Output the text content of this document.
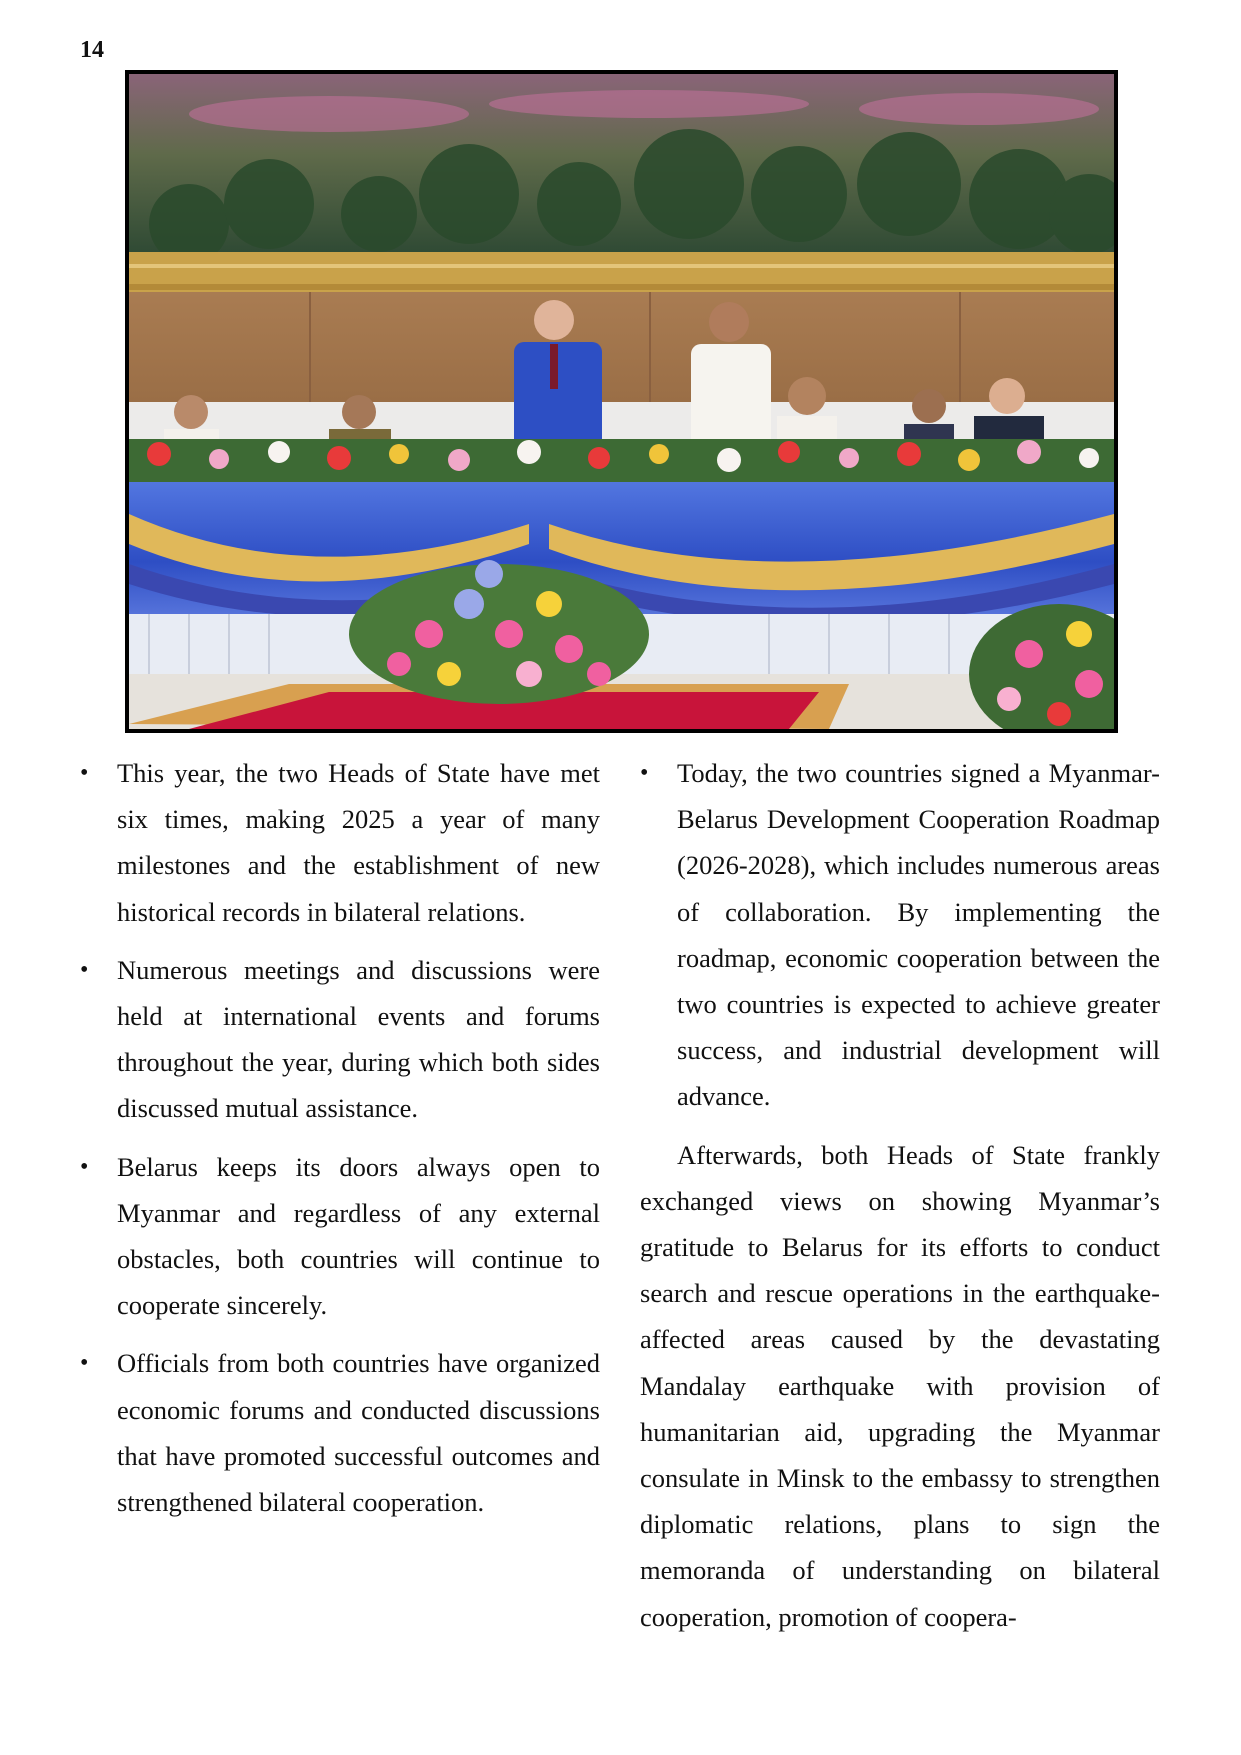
14

• This year, the two Heads of State have met six times, making 2025 a year of many milestones and the establishment of new historical records in bilateral relations.

• Numerous meetings and discussions were held at international events and forums throughout the year, during which both sides discussed mutual assistance.

• Belarus keeps its doors always open to Myanmar and regardless of any external obstacles, both countries will continue to cooperate sincerely.

• Officials from both countries have organized economic forums and conducted discussions that have promoted successful outcomes and strengthened bilateral cooperation.

• Today, the two countries signed a Myanmar-Belarus Development Cooperation Roadmap (2026-2028), which includes numerous areas of collaboration. By implementing the roadmap, economic cooperation between the two countries is expected to achieve greater success, and industrial development will advance.

Afterwards, both Heads of State frankly exchanged views on showing Myanmar’s gratitude to Belarus for its efforts to conduct search and rescue operations in the earthquake-affected areas caused by the devastating Mandalay earthquake with provision of humanitarian aid, upgrading the Myanmar consulate in Minsk to the embassy to strengthen diplomatic relations, plans to sign the memoranda of understanding on bilateral cooperation, promotion of coopera-
